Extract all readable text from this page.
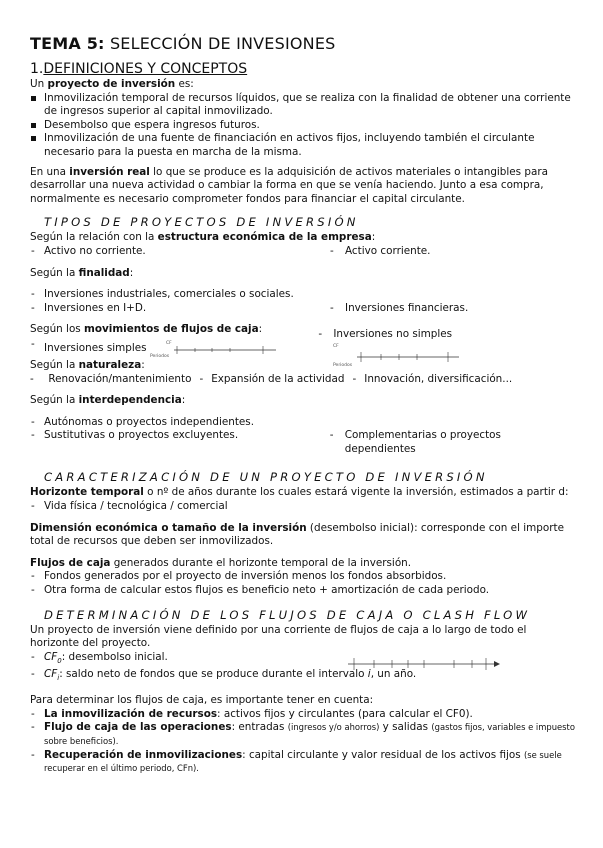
TEMA 5: SELECCIÓN DE INVESIONES
1.DEFINICIONES Y CONCEPTOS

Un proyecto de inversión es:

Inmovilización temporal de recursos líquidos, que se realiza con la finalidad de obtener una corriente de ingresos superior al capital inmovilizado.
Desembolso que espera ingresos futuros.
Inmovilización de una fuente de financiación en activos fijos, incluyendo también el circulante necesario para la puesta en marcha de la misma.

En una inversión real lo que se produce es la adquisición de activos materiales o intangibles para desarrollar una nueva actividad o cambiar la forma en que se venía haciendo. Junto a esa compra, normalmente es necesario comprometer fondos para financiar el capital circulante.

TIPOS DE PROYECTOS DE INVERSIÓN

Según la relación con la estructura económica de la empresa:

- Activo no corriente.	- Activo corriente.

Según la finalidad:

- Inversiones industriales, comerciales o sociales.
- Inversiones en I+D.	- Inversiones financieras.

Según los movimientos de flujos de caja:

- Inversiones simples	CF
Periodos
- Inversiones no simples
CF
Periodos

Según la naturaleza:

- Renovación/mantenimiento - Expansión de la actividad - Innovación, diversificación...

Según la interdependencia:

- Autónomas o proyectos independientes.
- Sustitutivas o proyectos excluyentes.	- Complementarias o proyectos dependientes
CARACTERIZACIÓN DE UN PROYECTO DE INVERSIÓN

Horizonte temporal o nº de años durante los cuales estará vigente la inversión, estimados a partir d:

- Vida física / tecnológica / comercial

Dimensión económica o tamaño de la inversión (desembolso inicial): corresponde con el importe total de recursos que deben ser inmovilizados.

Flujos de caja generados durante el horizonte temporal de la inversión.

- Fondos generados por el proyecto de inversión menos los fondos absorbidos.
- Otra forma de calcular estos flujos es beneficio neto + amortización de cada periodo.
DETERMINACIÓN DE LOS FLUJOS DE CAJA O CLASH FLOW

Un proyecto de inversión viene definido por una corriente de flujos de caja a lo largo de todo el horizonte del proyecto.

- $CF_0$: desembolso inicial.
- $CF_i$: saldo neto de fondos que se produce durante el intervalo i, un año.

Para determinar los flujos de caja, es importante tener en cuenta:

- La inmovilización de recursos: activos fijos y circulantes (para calcular el CF0).
- Flujo de caja de las operaciones: entradas (ingresos y/o ahorros) y salidas (gastos fijos, variables e impuesto sobre beneficios).
- Recuperación de inmovilizaciones: capital circulante y valor residual de los activos fijos (se suele recuperar en el último periodo, CFn).
